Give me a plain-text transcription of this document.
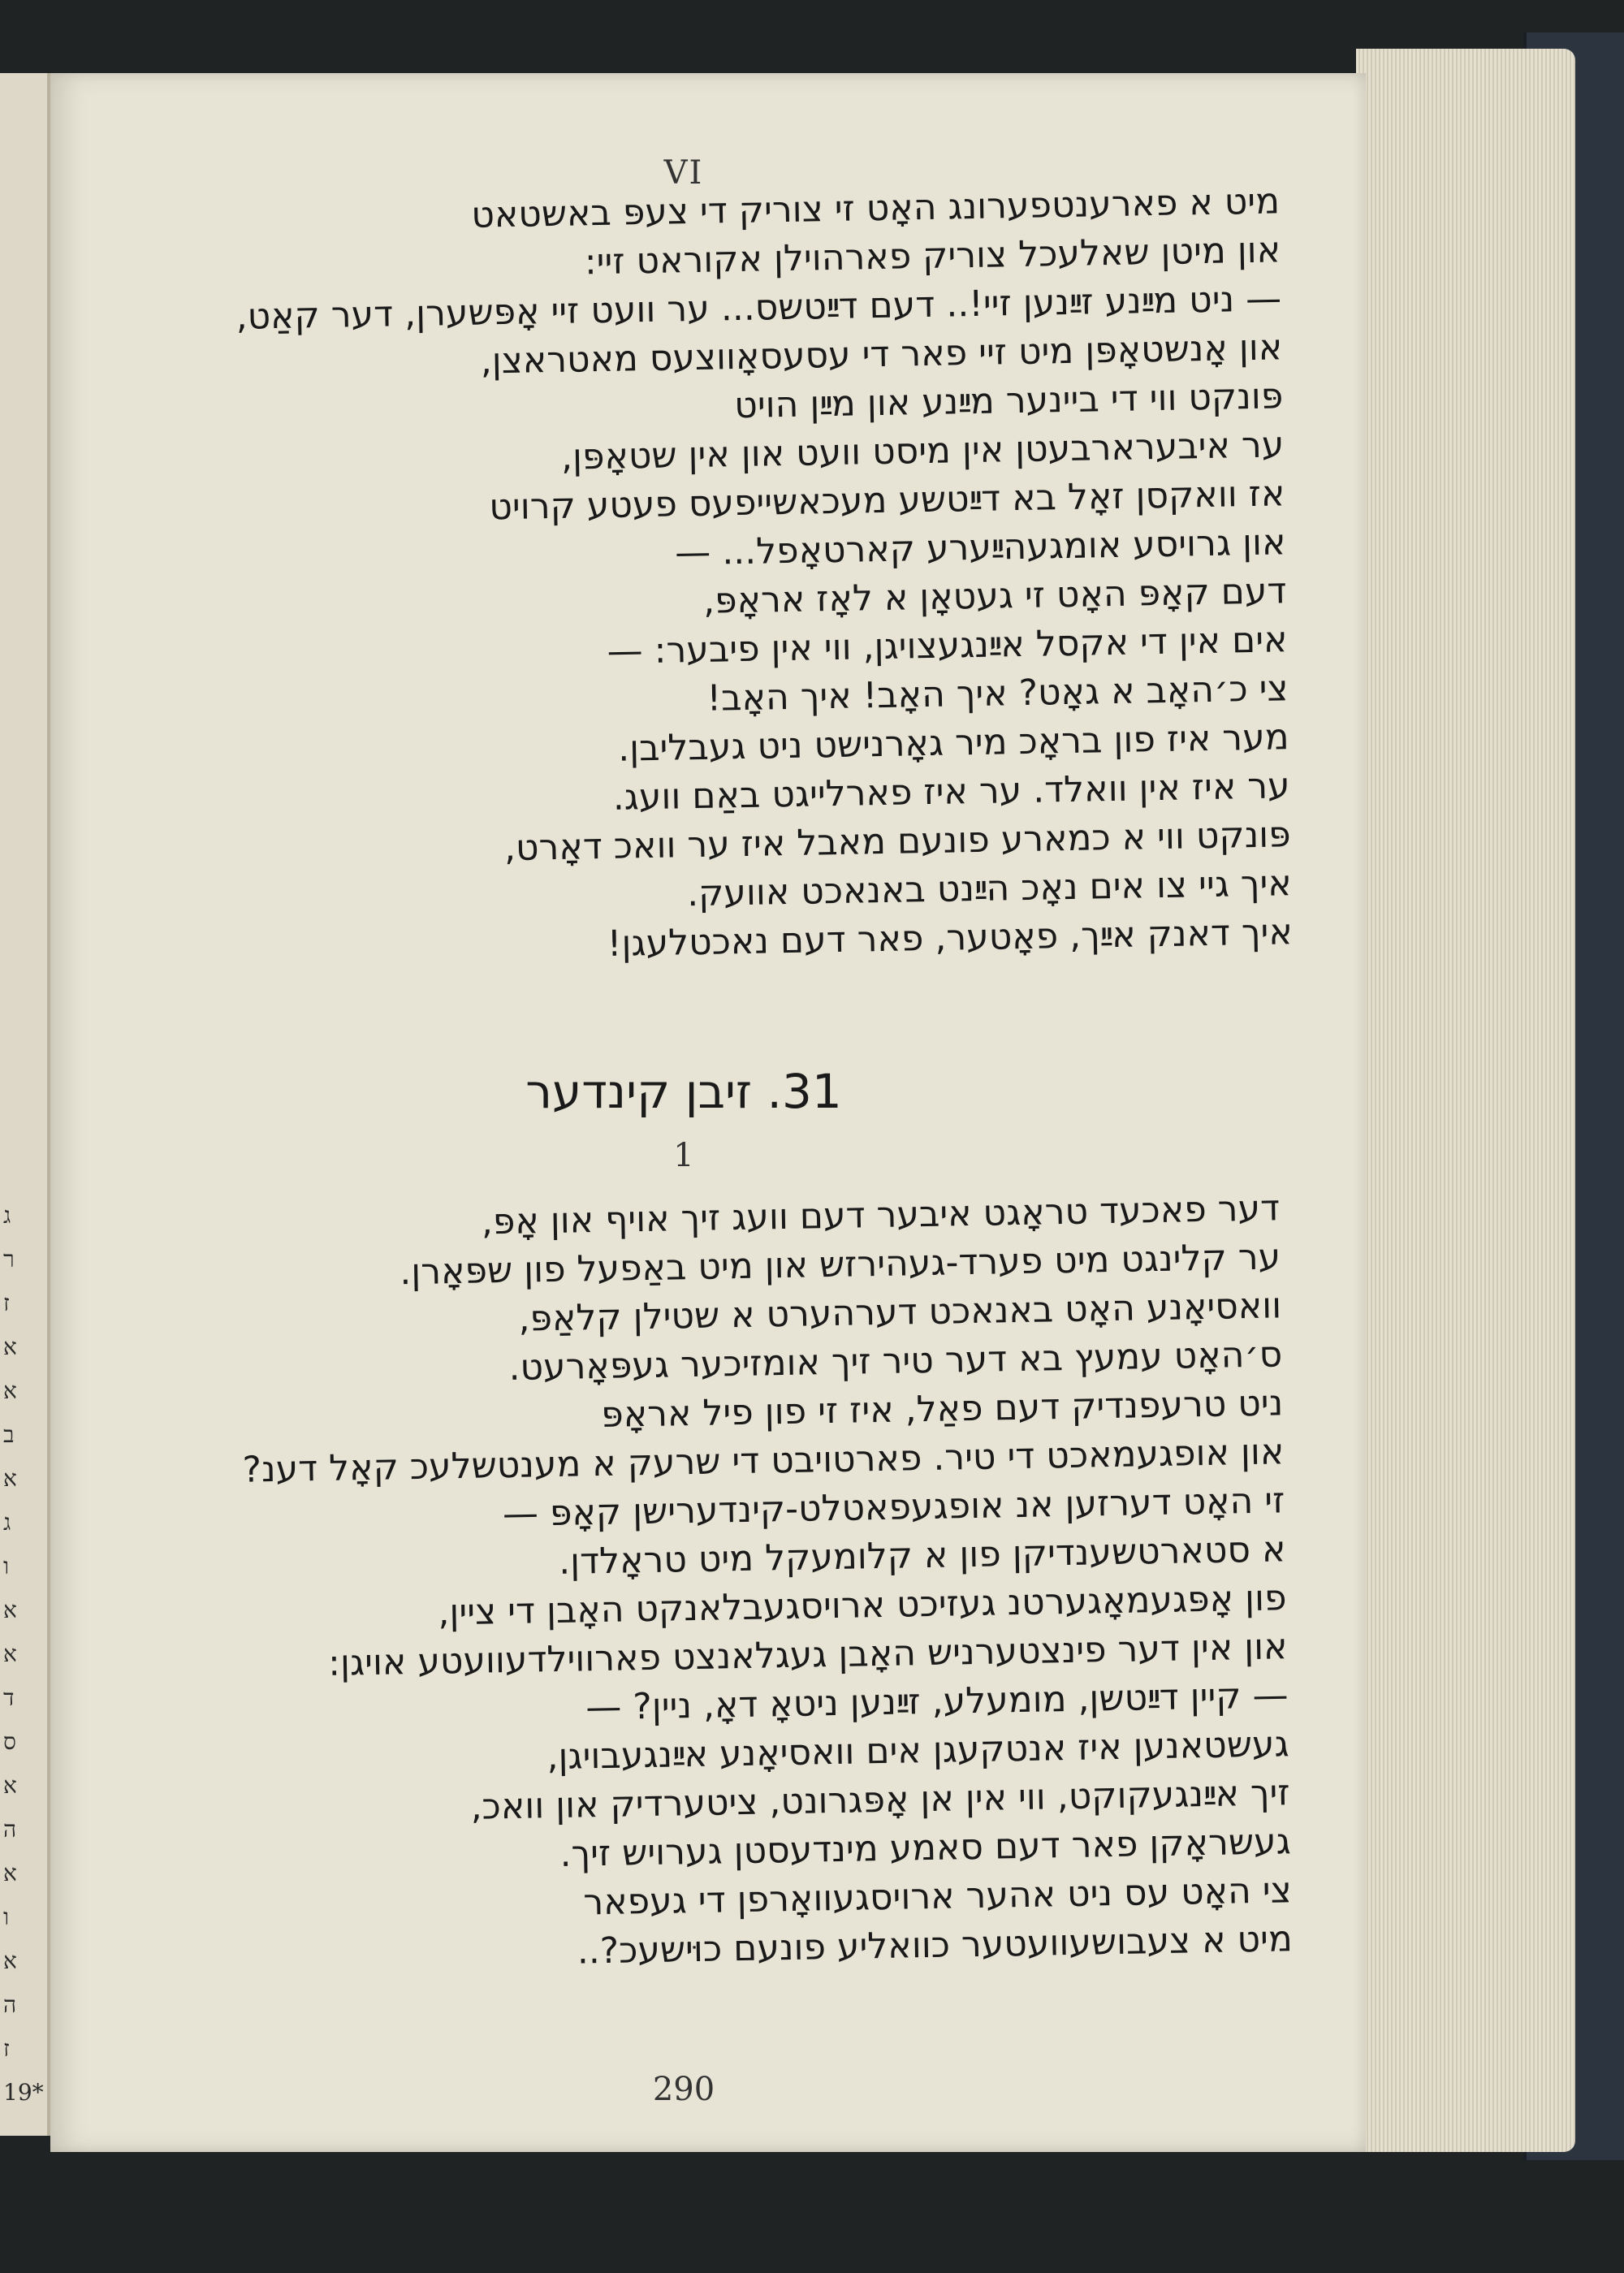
ג
ר
ז
א
א
ב
א
ג
ו
א
א
ד
ס
א
ה
א
ו
א
ה
ז
19*
VI
מיט א פארענטפערונג האָט זי צוריק די צעפּ באשטאט
און מיטן שאלעכל צוריק פארהוילן אקוראט זיי:
— ניט מײַנע זײַנען זיי!.. דעם דײַטשס... ער וועט זיי אָפּשערן, דער קאַט,
און אָנשטאָפּן מיט זיי פאר די עסעסאָווצעס מאטראצן,
פּונקט ווי די ביינער מײַנע און מײַן הויט
ער איבערארבעטן אין מיסט וועט און אין שטאָפּן,
אז וואקסן זאָל בא דײַטשע מעכאשייפעס פעטע קרויט
און גרויסע אומגעהײַערע קארטאָפל... —
דעם קאָפּ האָט זי געטאָן א לאָז אראָפּ,
אים אין די אקסל אײַנגעצויגן, ווי אין פיבער: —
צי כ׳האָב א גאָט? איך האָב! איך האָב!
מער איז פון בראָכ מיר גאָרנישט ניט געבליבן.
ער איז אין וואלד. ער איז פארלייגט באַם וועג.
פּונקט ווי א כמארע פונעם מאבל איז ער וואכ דאָרט,
איך גיי צו אים נאָכ הײַנט באנאכט אוועק.
איך דאנק אײַך, פאָטער, פאר דעם נאכטלעגן!
31. זיבן קינדער
1
דער פאכעד טראָגט איבער דעם וועג זיך אויף און אָפּ,
ער קלינגט מיט פערד-געהירזש און מיט באַפעל פון שפּאָרן.
וואסיאָנע האָט באנאכט דערהערט א שטילן קלאַפּ,
ס׳האָט עמעץ בא דער טיר זיך אומזיכער געפּאָרעט.
ניט טרעפנדיק דעם פאַל, איז זי פון פיל אראָפּ
און אופגעמאכט די טיר. פארטויבט די שרעק א מענטשלעכ קאָל דענ?
זי האָט דערזען אנ אופגעפאטלט-קינדערישן קאָפּ —
א סטארטשענדיקן פון א קלומעקל מיט טראָלדן.
פון אָפּגעמאָגערטנ געזיכט ארויסגעבלאנקט האָבן די ציין,
און אין דער פינצטערניש האָבן געגלאנצט פארווילדעוועטע אויגן:
— קיין דײַטשן, מומעלע, זײַנען ניטאָ דאָ, ניין? —
געשטאנען איז אנטקעגן אים וואסיאָנע אײַנגעבויגן,
זיך אײַנגעקוקט, ווי אין אן אָפּגרונט, ציטערדיק און וואכ,
געשראָקן פאר דעם סאמע מינדעסטן גערויש זיך.
צי האָט עס ניט אהער ארויסגעוואָרפן די געפאר
מיט א צעבושעוועטער כוואליע פונעם כוּישעכ?..
290
